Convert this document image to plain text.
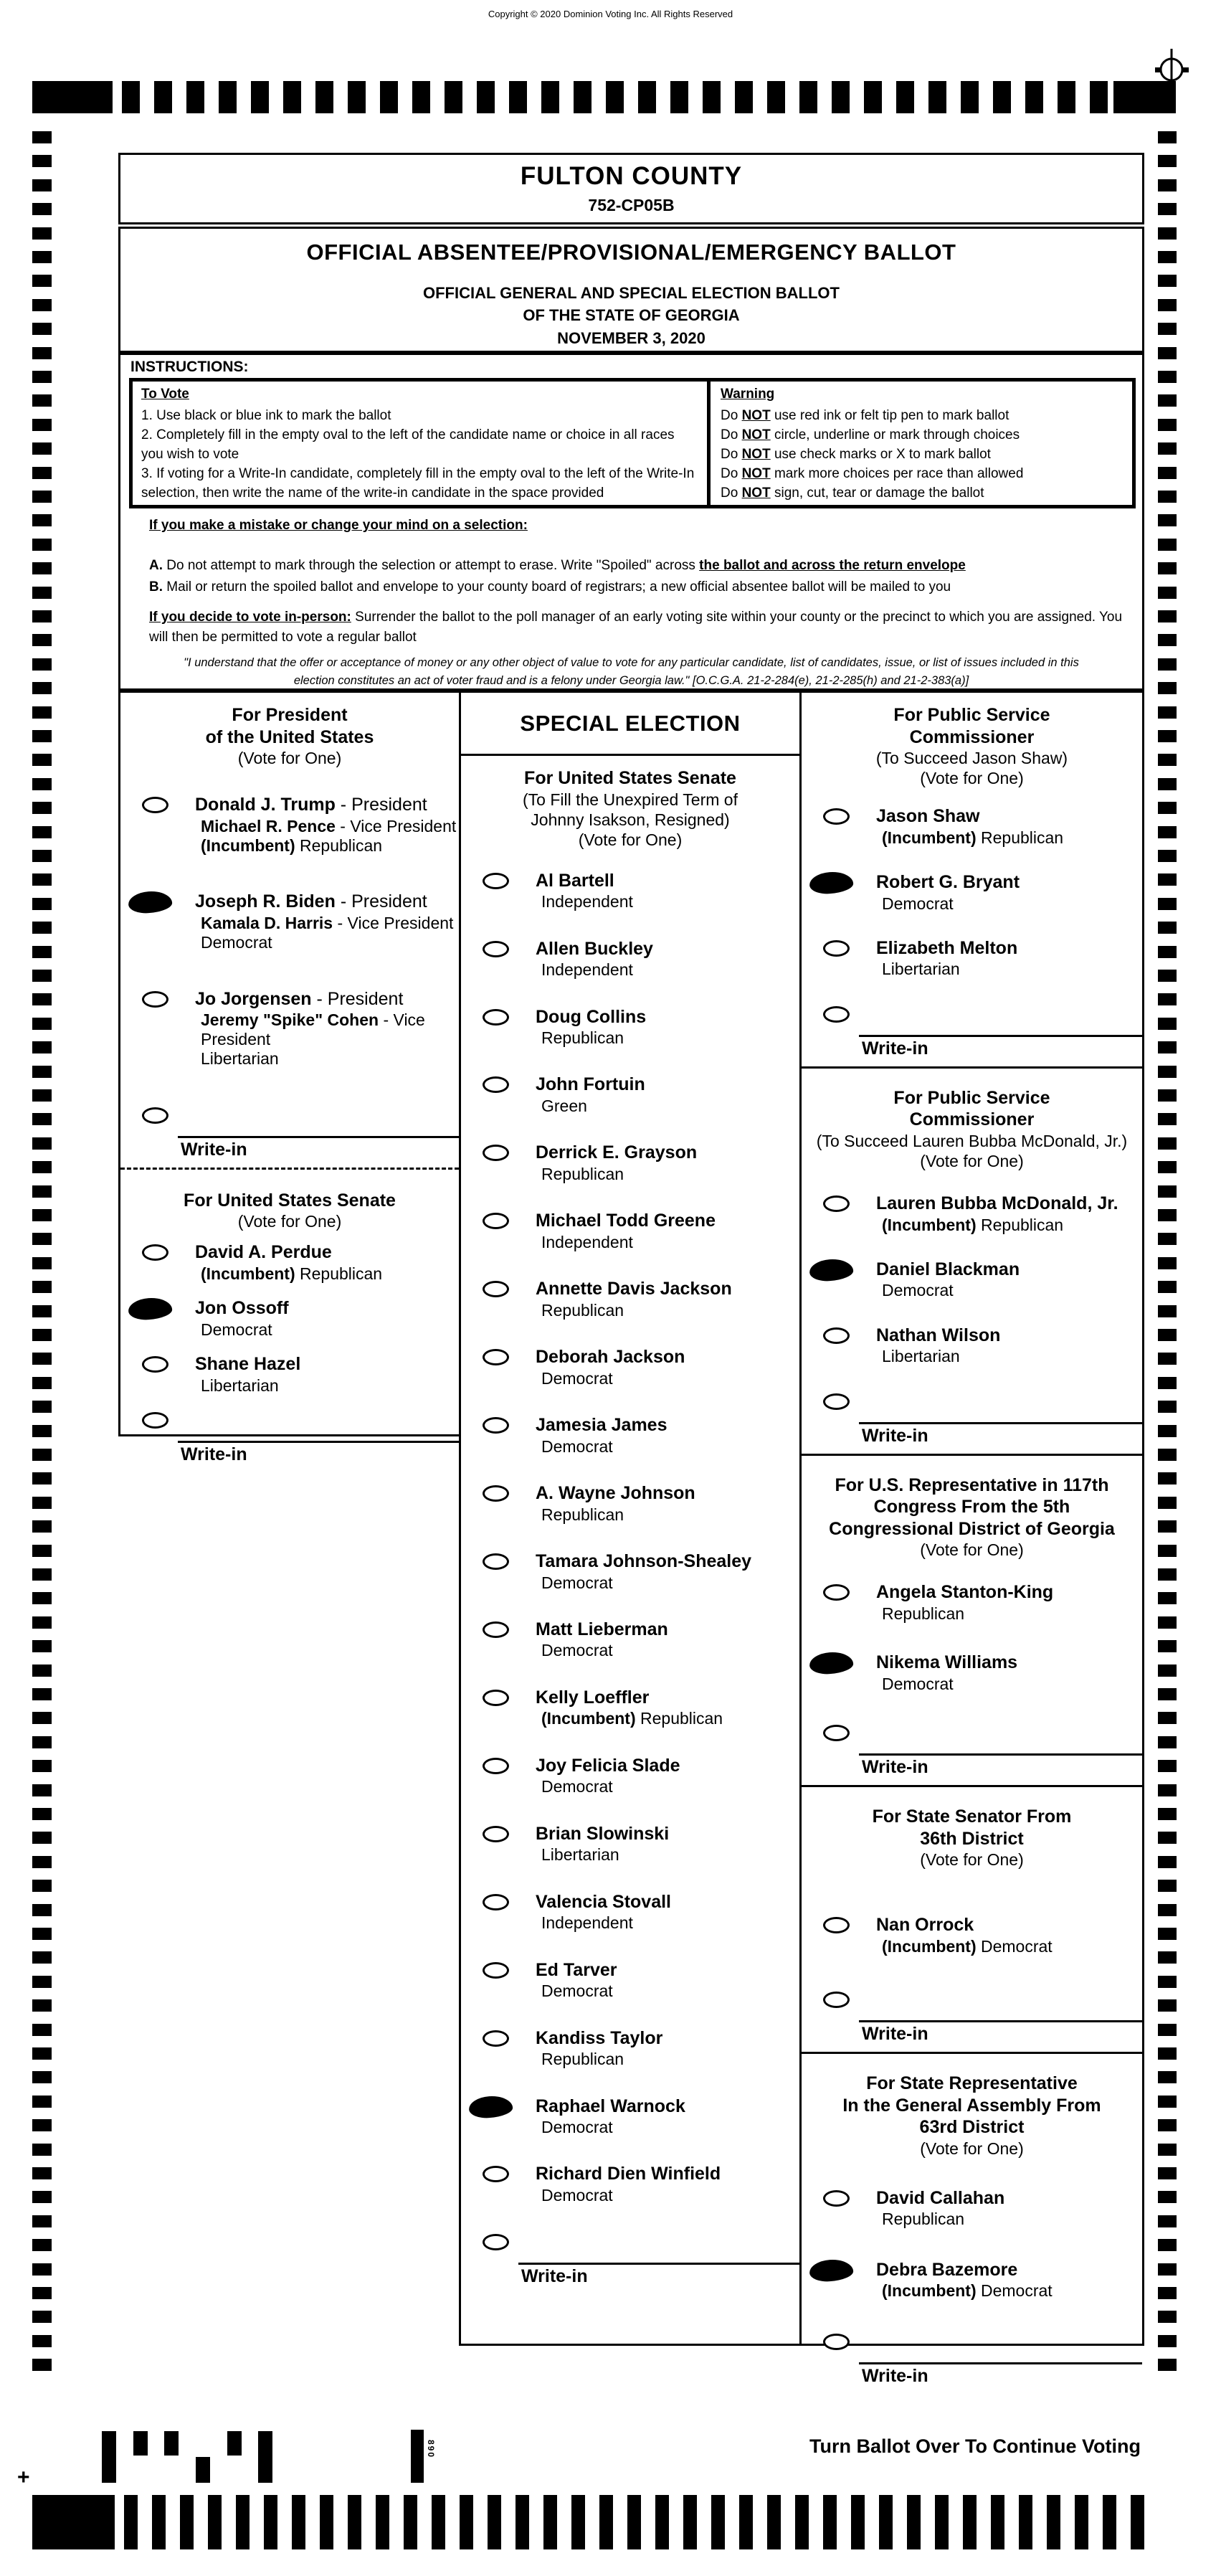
Copyright © 2020 Dominion Voting Inc. All Rights Reserved
FULTON COUNTY
752-CP05B
OFFICIAL ABSENTEE/PROVISIONAL/EMERGENCY BALLOT
OFFICIAL GENERAL AND SPECIAL ELECTION BALLOT
OF THE STATE OF GEORGIA
NOVEMBER 3, 2020
INSTRUCTIONS:
To Vote
1. Use black or blue ink to mark the ballot
2. Completely fill in the empty oval to the left of the candidate name or choice in all races you wish to vote
3. If voting for a Write-In candidate, completely fill in the empty oval to the left of the Write-In selection, then write the name of the write-in candidate in the space provided
Warning
Do NOT use red ink or felt tip pen to mark ballot
Do NOT circle, underline or mark through choices
Do NOT use check marks or X to mark ballot
Do NOT mark more choices per race than allowed
Do NOT sign, cut, tear or damage the ballot
If you make a mistake or change your mind on a selection:
A. Do not attempt to mark through the selection or attempt to erase. Write "Spoiled" across the ballot and across the return envelope
B. Mail or return the spoiled ballot and envelope to your county board of registrars; a new official absentee ballot will be mailed to you
If you decide to vote in-person: Surrender the ballot to the poll manager of an early voting site within your county or the precinct to which you are assigned. You will then be permitted to vote a regular ballot
"I understand that the offer or acceptance of money or any other object of value to vote for any particular candidate, list of candidates, issue, or list of issues included in this
election constitutes an act of voter fraud and is a felony under Georgia law." [O.C.G.A. 21-2-284(e), 21-2-285(h) and 21-2-383(a)]
For President
of the United States
(Vote for One)
Donald J. Trump - President
Michael R. Pence - Vice President
(Incumbent) Republican
Joseph R. Biden - President
Kamala D. Harris - Vice President
Democrat
Jo Jorgensen - President
Jeremy "Spike" Cohen - Vice President
Libertarian
Write-in
For United States Senate
(Vote for One)
David A. Perdue
(Incumbent) Republican
Jon Ossoff
Democrat
Shane Hazel
Libertarian
Write-in
SPECIAL ELECTION
For United States Senate
(To Fill the Unexpired Term of
Johnny Isakson, Resigned)
(Vote for One)
Al Bartell
Independent
Allen Buckley
Independent
Doug Collins
Republican
John Fortuin
Green
Derrick E. Grayson
Republican
Michael Todd Greene
Independent
Annette Davis Jackson
Republican
Deborah Jackson
Democrat
Jamesia James
Democrat
A. Wayne Johnson
Republican
Tamara Johnson-Shealey
Democrat
Matt Lieberman
Democrat
Kelly Loeffler
(Incumbent) Republican
Joy Felicia Slade
Democrat
Brian Slowinski
Libertarian
Valencia Stovall
Independent
Ed Tarver
Democrat
Kandiss Taylor
Republican
Raphael Warnock
Democrat
Richard Dien Winfield
Democrat
Write-in
For Public Service
Commissioner
(To Succeed Jason Shaw)
(Vote for One)
Jason Shaw
(Incumbent) Republican
Robert G. Bryant
Democrat
Elizabeth Melton
Libertarian
Write-in
For Public Service
Commissioner
(To Succeed Lauren Bubba McDonald, Jr.)
(Vote for One)
Lauren Bubba McDonald, Jr.
(Incumbent) Republican
Daniel Blackman
Democrat
Nathan Wilson
Libertarian
Write-in
For U.S. Representative in 117th
Congress From the 5th
Congressional District of Georgia
(Vote for One)
Angela Stanton-King
Republican
Nikema Williams
Democrat
Write-in
For State Senator From
36th District
(Vote for One)
Nan Orrock
(Incumbent) Democrat
Write-in
For State Representative
In the General Assembly From
63rd District
(Vote for One)
David Callahan
Republican
Debra Bazemore
(Incumbent) Democrat
Write-in
+
890	Turn Ballot Over To Continue Voting
